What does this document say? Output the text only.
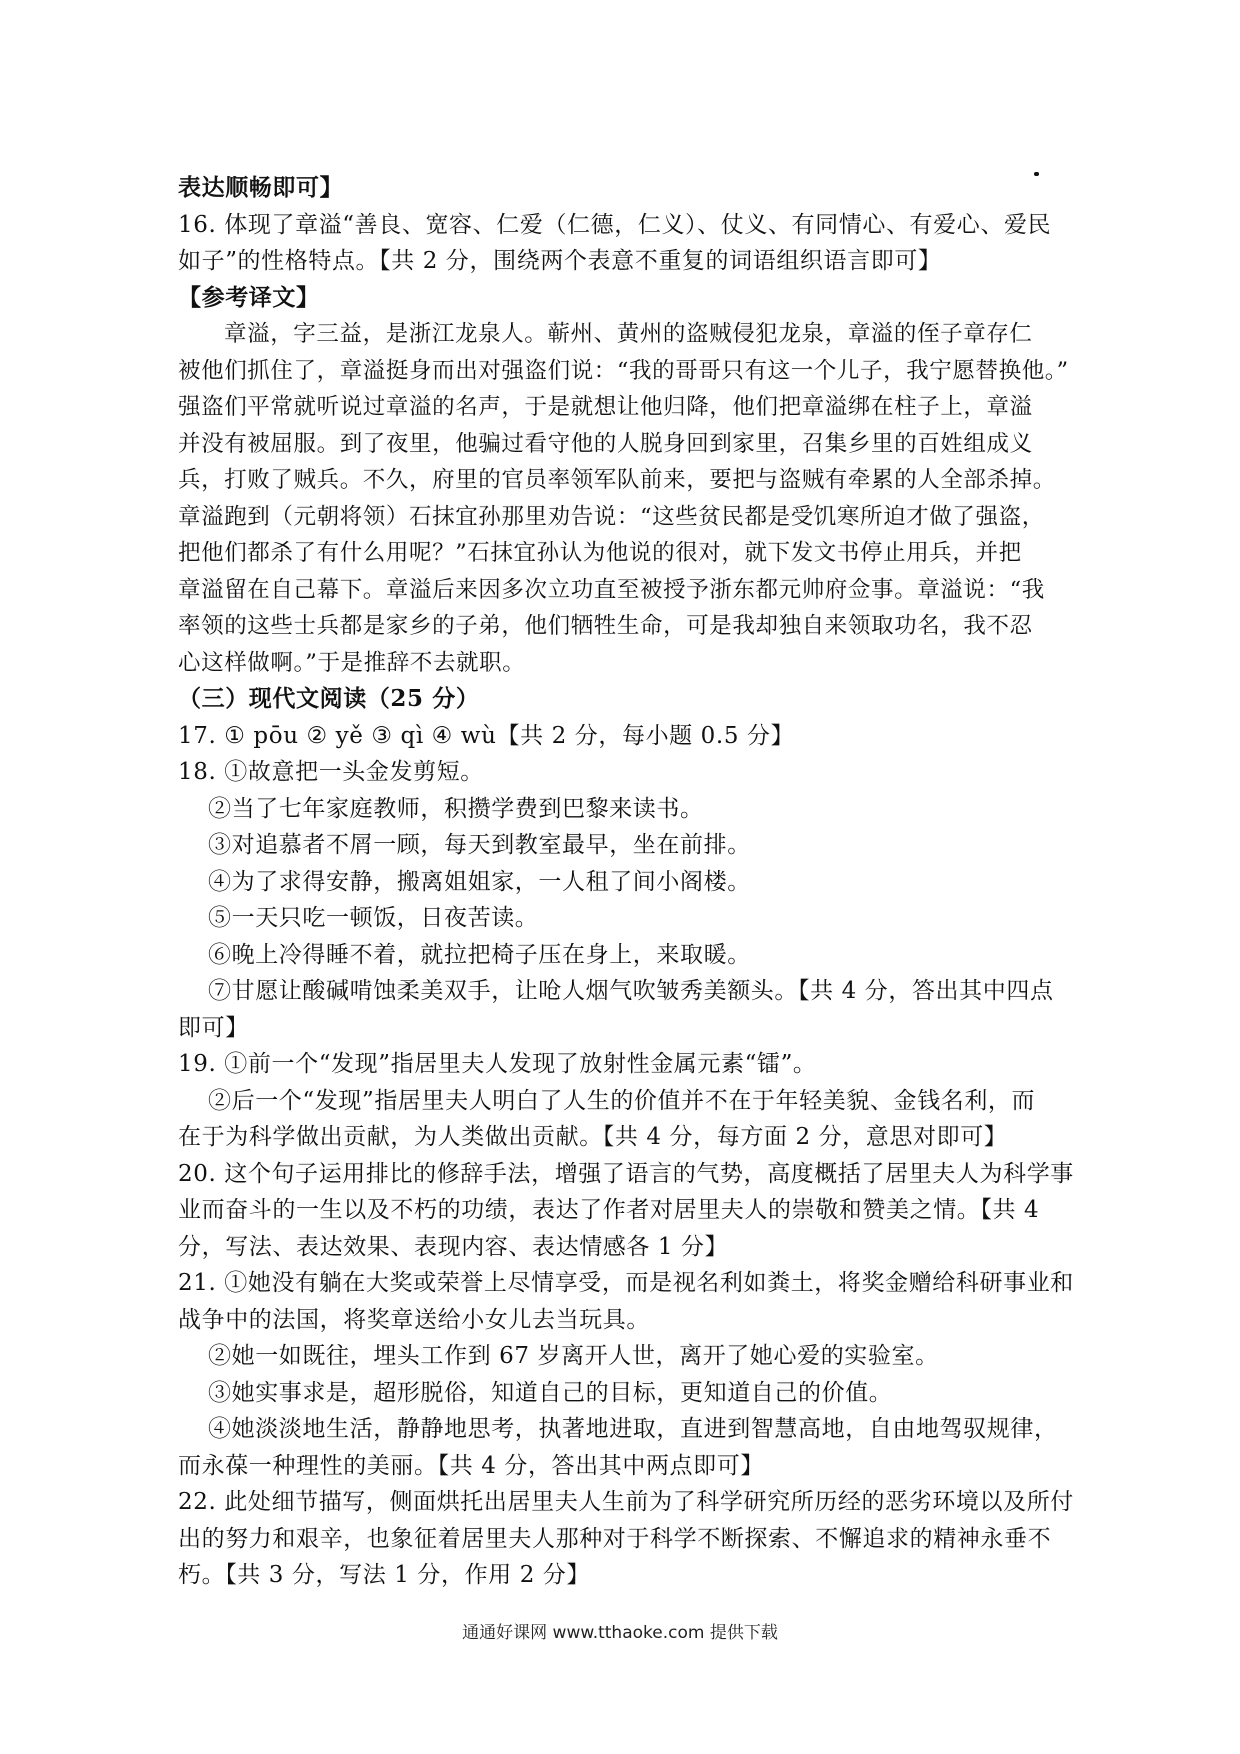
表达顺畅即可】
16. 体现了章溢“善良、宽容、仁爱（仁德，仁义）、仗义、有同情心、有爱心、爱民
如子”的性格特点。【共 2 分，围绕两个表意不重复的词语组织语言即可】
【参考译文】
章溢，字三益，是浙江龙泉人。蕲州、黄州的盗贼侵犯龙泉，章溢的侄子章存仁
被他们抓住了，章溢挺身而出对强盗们说：“我的哥哥只有这一个儿子，我宁愿替换他。”
强盗们平常就听说过章溢的名声，于是就想让他归降，他们把章溢绑在柱子上，章溢
并没有被屈服。到了夜里，他骗过看守他的人脱身回到家里，召集乡里的百姓组成义
兵，打败了贼兵。不久，府里的官员率领军队前来，要把与盗贼有牵累的人全部杀掉。
章溢跑到（元朝将领）石抹宜孙那里劝告说：“这些贫民都是受饥寒所迫才做了强盗，
把他们都杀了有什么用呢？”石抹宜孙认为他说的很对，就下发文书停止用兵，并把
章溢留在自己幕下。章溢后来因多次立功直至被授予浙东都元帅府佥事。章溢说：“我
率领的这些士兵都是家乡的子弟，他们牺牲生命，可是我却独自来领取功名，我不忍
心这样做啊。”于是推辞不去就职。
（三）现代文阅读（25 分）
17. ① pōu ② yě ③ qì ④ wù【共 2 分，每小题 0.5 分】
18. ①故意把一头金发剪短。
②当了七年家庭教师，积攒学费到巴黎来读书。
③对追慕者不屑一顾，每天到教室最早，坐在前排。
④为了求得安静，搬离姐姐家，一人租了间小阁楼。
⑤一天只吃一顿饭，日夜苦读。
⑥晚上冷得睡不着，就拉把椅子压在身上，来取暖。
⑦甘愿让酸碱啃蚀柔美双手，让呛人烟气吹皱秀美额头。【共 4 分，答出其中四点
即可】
19. ①前一个“发现”指居里夫人发现了放射性金属元素“镭”。
②后一个“发现”指居里夫人明白了人生的价值并不在于年轻美貌、金钱名利，而
在于为科学做出贡献，为人类做出贡献。【共 4 分，每方面 2 分，意思对即可】
20. 这个句子运用排比的修辞手法，增强了语言的气势，高度概括了居里夫人为科学事
业而奋斗的一生以及不朽的功绩，表达了作者对居里夫人的崇敬和赞美之情。【共 4
分，写法、表达效果、表现内容、表达情感各 1 分】
21. ①她没有躺在大奖或荣誉上尽情享受，而是视名利如粪土，将奖金赠给科研事业和
战争中的法国，将奖章送给小女儿去当玩具。
②她一如既往，埋头工作到 67 岁离开人世，离开了她心爱的实验室。
③她实事求是，超形脱俗，知道自己的目标，更知道自己的价值。
④她淡淡地生活，静静地思考，执著地进取，直进到智慧高地，自由地驾驭规律，
而永葆一种理性的美丽。【共 4 分，答出其中两点即可】
22. 此处细节描写，侧面烘托出居里夫人生前为了科学研究所历经的恶劣环境以及所付
出的努力和艰辛，也象征着居里夫人那种对于科学不断探索、不懈追求的精神永垂不
朽。【共 3 分，写法 1 分，作用 2 分】
通通好课网 www.tthaoke.com 提供下载
